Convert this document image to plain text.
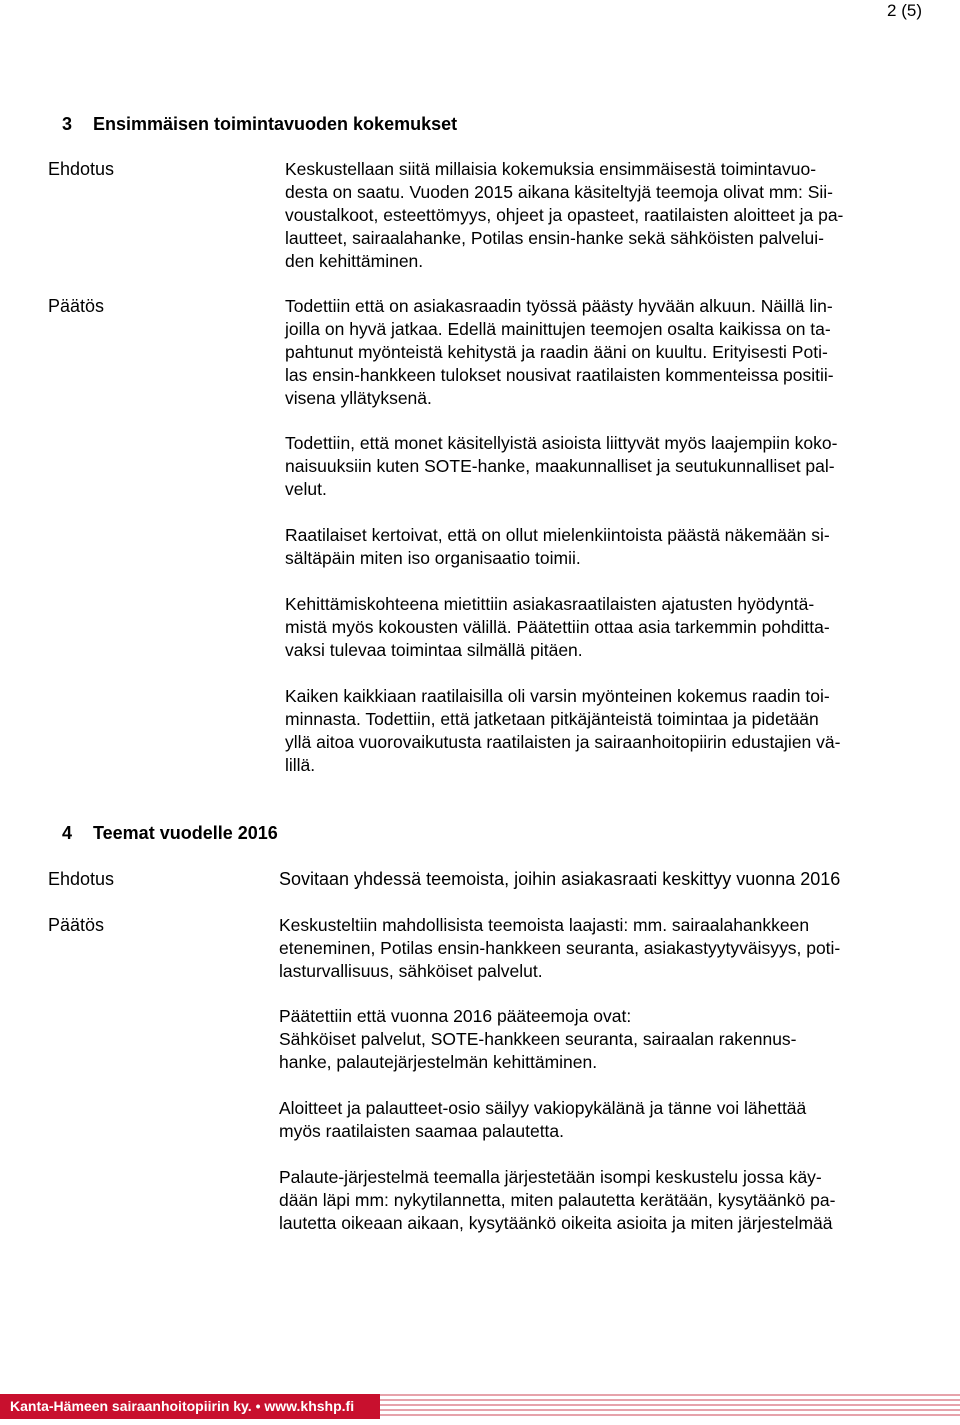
2 (5)
3 Ensimmäisen toimintavuoden kokemukset
Ehdotus	Keskustellaan siitä millaisia kokemuksia ensimmäisestä toimintavuo-
desta on saatu. Vuoden 2015 aikana käsiteltyjä teemoja olivat mm: Sii-
voustalkoot, esteettömyys, ohjeet ja opasteet, raatilaisten aloitteet ja pa-
lautteet, sairaalahanke, Potilas ensin-hanke sekä sähköisten palvelui-
den kehittäminen.

Päätös	Todettiin että on asiakasraadin työssä päästy hyvään alkuun. Näillä lin-
joilla on hyvä jatkaa. Edellä mainittujen teemojen osalta kaikissa on ta-
pahtunut myönteistä kehitystä ja raadin ääni on kuultu. Erityisesti Poti-
las ensin-hankkeen tulokset nousivat raatilaisten kommenteissa positii-
visena yllätyksenä.

Todettiin, että monet käsitellyistä asioista liittyvät myös laajempiin koko-
naisuuksiin kuten SOTE-hanke, maakunnalliset ja seutukunnalliset pal-
velut.

Raatilaiset kertoivat, että on ollut mielenkiintoista päästä näkemään si-
sältäpäin miten iso organisaatio toimii.

Kehittämiskohteena mietittiin asiakasraatilaisten ajatusten hyödyntä-
mistä myös kokousten välillä. Päätettiin ottaa asia tarkemmin pohditta-
vaksi tulevaa toimintaa silmällä pitäen.

Kaiken kaikkiaan raatilaisilla oli varsin myönteinen kokemus raadin toi-
minnasta. Todettiin, että jatketaan pitkäjänteistä toimintaa ja pidetään
yllä aitoa vuorovaikutusta raatilaisten ja sairaanhoitopiirin edustajien vä-
lillä.

4 Teemat vuodelle 2016
Ehdotus	Sovitaan yhdessä teemoista, joihin asiakasraati keskittyy vuonna 2016

Päätös	Keskusteltiin mahdollisista teemoista laajasti: mm. sairaalahankkeen
eteneminen, Potilas ensin-hankkeen seuranta, asiakastyytyväisyys, poti-
lasturvallisuus, sähköiset palvelut.

Päätettiin että vuonna 2016 pääteemoja ovat:
Sähköiset palvelut, SOTE-hankkeen seuranta, sairaalan rakennus-
hanke, palautejärjestelmän kehittäminen.

Aloitteet ja palautteet-osio säilyy vakiopykälänä ja tänne voi lähettää
myös raatilaisten saamaa palautetta.

Palaute-järjestelmä teemalla järjestetään isompi keskustelu jossa käy-
dään läpi mm: nykytilannetta, miten palautetta kerätään, kysytäänkö pa-
lautetta oikeaan aikaan, kysytäänkö oikeita asioita ja miten järjestelmää

Kanta-Hämeen sairaanhoitopiirin ky. • www.khshp.fi
